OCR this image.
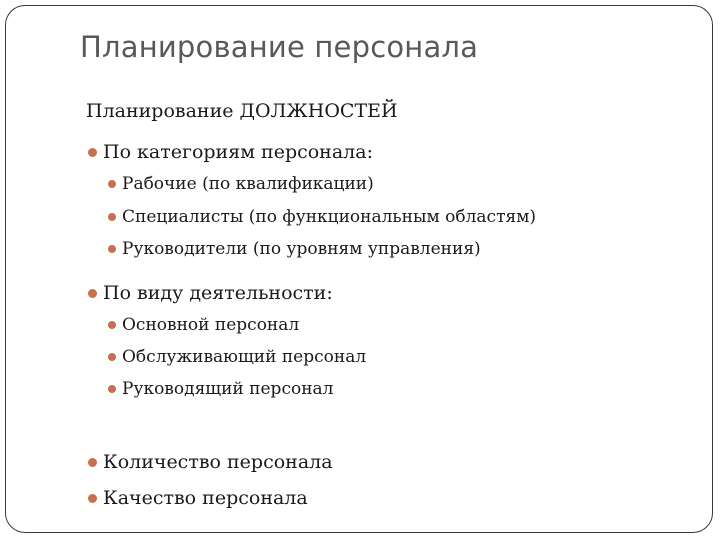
Планирование персонала
Планирование ДОЛЖНОСТЕЙ
По категориям персонала:
Рабочие (по квалификации)
Специалисты (по функциональным областям)
Руководители (по уровням управления)
По виду деятельности:
Основной персонал
Обслуживающий персонал
Руководящий персонал
Количество персонала
Качество персонала
